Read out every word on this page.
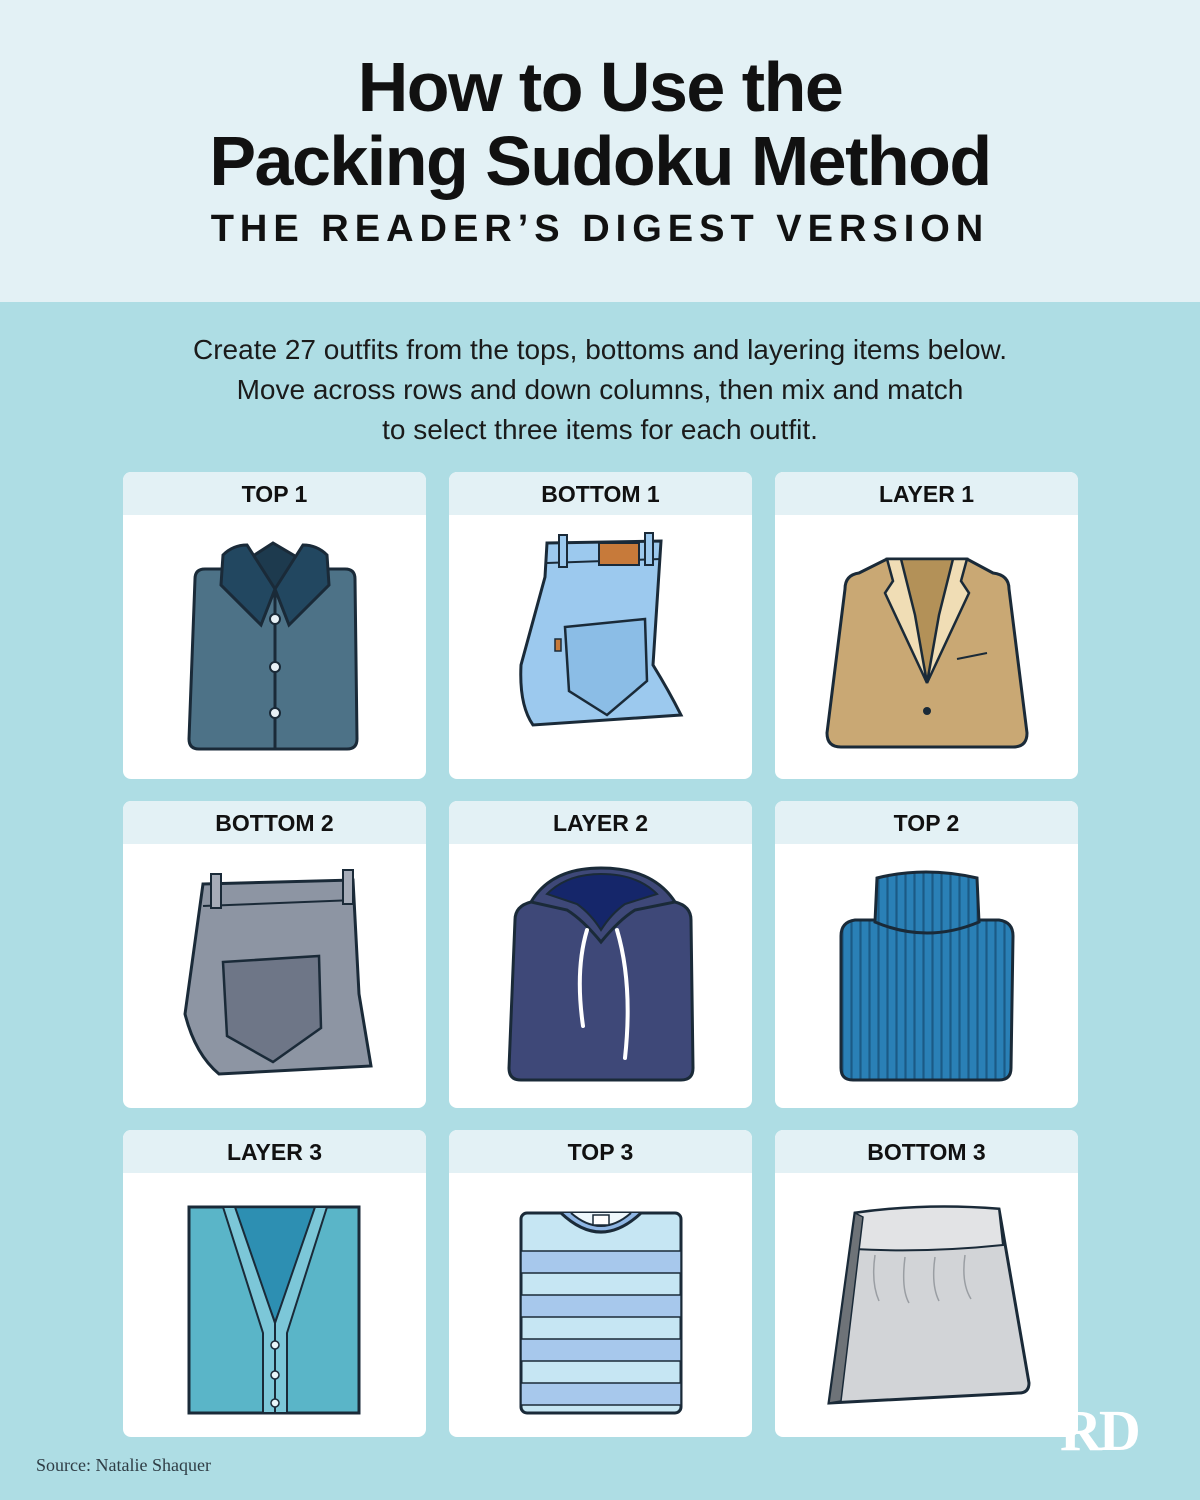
How to Use the
Packing Sudoku Method
THE READER’S DIGEST VERSION
Create 27 outfits from the tops, bottoms and layering items below.
Move across rows and down columns, then mix and match
to select three items for each outfit.
TOP 1	BOTTOM 1	LAYER 1
BOTTOM 2	LAYER 2	TOP 2
LAYER 3	TOP 3	BOTTOM 3
Source: Natalie Shaquer
RD
